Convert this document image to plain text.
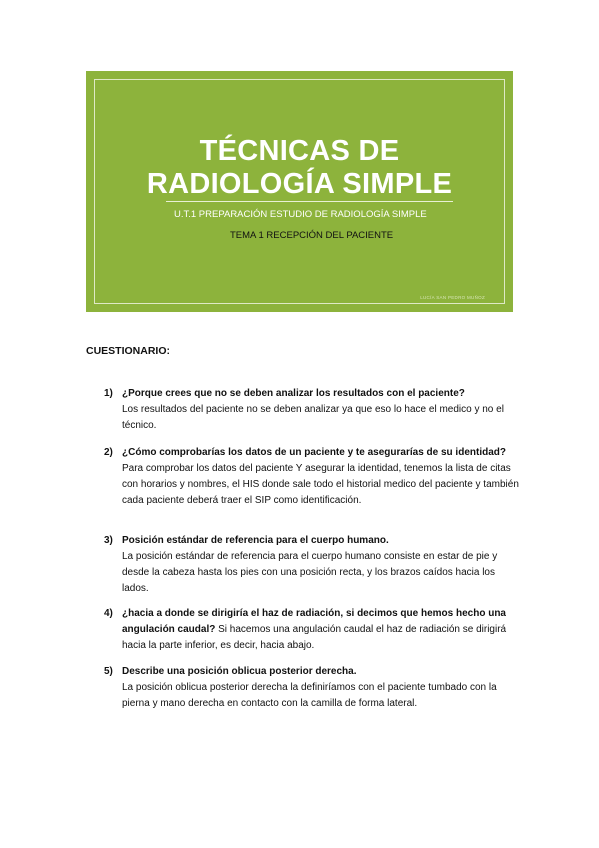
TÉCNICAS DE
RADIOLOGÍA SIMPLE
U.T.1 PREPARACIÓN ESTUDIO DE RADIOLOGÍA SIMPLE
TEMA 1 RECEPCIÓN DEL PACIENTE
LUCÍA SAN PEDRO MUÑOZ
CUESTIONARIO:
1) ¿Porque crees que no se deben analizar los resultados con el paciente?
Los resultados del paciente no se deben analizar ya que eso lo hace el medico y no el técnico.
2) ¿Cómo comprobarías los datos de un paciente y te asegurarías de su identidad?
Para comprobar los datos del paciente Y asegurar la identidad, tenemos la lista de citas con horarios y nombres, el HIS donde sale todo el historial medico del paciente y también cada paciente deberá traer el SIP como identificación.
3) Posición estándar de referencia para el cuerpo humano.
La posición estándar de referencia para el cuerpo humano consiste en estar de pie y desde la cabeza hasta los pies con una posición recta, y los brazos caídos hacia los lados.
4) ¿hacia a donde se dirigiría el haz de radiación, si decimos que hemos hecho una angulación caudal? Si hacemos una angulación caudal el haz de radiación se dirigirá hacia la parte inferior, es decir, hacia abajo.
5) Describe una posición oblicua posterior derecha.
La posición oblicua posterior derecha la definiríamos con el paciente tumbado con la pierna y mano derecha en contacto con la camilla de forma lateral.
